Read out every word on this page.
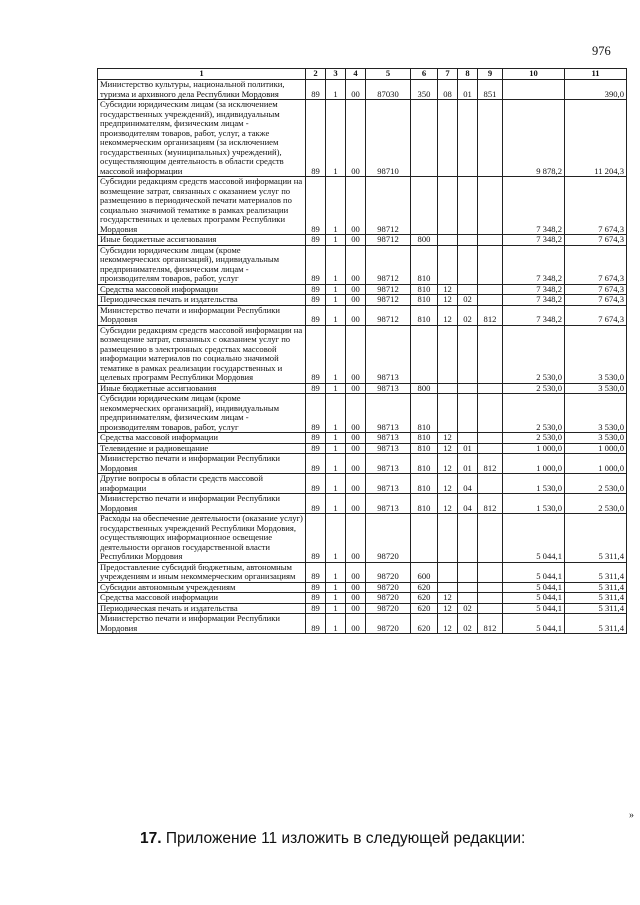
976
1	2	3	4	5	6	7	8	9	10	11
Министерство культуры, национальной политики, туризма и архивного дела Республики Мордовия	89	1	00	87030	350	08	01	851		390,0
Субсидии юридическим лицам (за исключением государственных учреждений), индивидуальным предпринимателям, физическим лицам - производителям товаров, работ, услуг, а также некоммерческим организациям (за исключением государственных (муниципальных) учреждений), осуществляющим деятельность в области средств массовой информации	89	1	00	98710					9 878,2	11 204,3
Субсидии редакциям средств массовой информации на возмещение затрат, связанных с оказанием услуг по размещению в периодической печати материалов по социально значимой тематике в рамках реализации государственных и целевых программ Республики Мордовия	89	1	00	98712					7 348,2	7 674,3
Иные бюджетные ассигнования	89	1	00	98712	800				7 348,2	7 674,3
Субсидии юридическим лицам (кроме некоммерческих организаций), индивидуальным предпринимателям, физическим лицам - производителям товаров, работ, услуг	89	1	00	98712	810				7 348,2	7 674,3
Средства массовой информации	89	1	00	98712	810	12			7 348,2	7 674,3
Периодическая печать и издательства	89	1	00	98712	810	12	02		7 348,2	7 674,3
Министерство печати и информации Республики Мордовия	89	1	00	98712	810	12	02	812	7 348,2	7 674,3
Субсидии редакциям средств массовой информации на возмещение затрат, связанных с оказанием услуг по размещению в электронных средствах массовой информации материалов по социально значимой тематике в рамках реализации государственных и целевых программ Республики Мордовия	89	1	00	98713					2 530,0	3 530,0
Иные бюджетные ассигнования	89	1	00	98713	800				2 530,0	3 530,0
Субсидии юридическим лицам (кроме некоммерческих организаций), индивидуальным предпринимателям, физическим лицам - производителям товаров, работ, услуг	89	1	00	98713	810				2 530,0	3 530,0
Средства массовой информации	89	1	00	98713	810	12			2 530,0	3 530,0
Телевидение и радиовещание	89	1	00	98713	810	12	01		1 000,0	1 000,0
Министерство печати и информации Республики Мордовия	89	1	00	98713	810	12	01	812	1 000,0	1 000,0
Другие вопросы в области средств массовой информации	89	1	00	98713	810	12	04		1 530,0	2 530,0
Министерство печати и информации Республики Мордовия	89	1	00	98713	810	12	04	812	1 530,0	2 530,0
Расходы на обеспечение деятельности (оказание услуг) государственных учреждений Республики Мордовия, осуществляющих информационное освещение деятельности органов государственной власти Республики Мордовия	89	1	00	98720					5 044,1	5 311,4
Предоставление субсидий бюджетным, автономным учреждениям и иным некоммерческим организациям	89	1	00	98720	600				5 044,1	5 311,4
Субсидии автономным учреждениям	89	1	00	98720	620				5 044,1	5 311,4
Средства массовой информации	89	1	00	98720	620	12			5 044,1	5 311,4
Периодическая печать и издательства	89	1	00	98720	620	12	02		5 044,1	5 311,4
Министерство печати и информации Республики Мордовия	89	1	00	98720	620	12	02	812	5 044,1	5 311,4
»
17. Приложение 11 изложить в следующей редакции:
